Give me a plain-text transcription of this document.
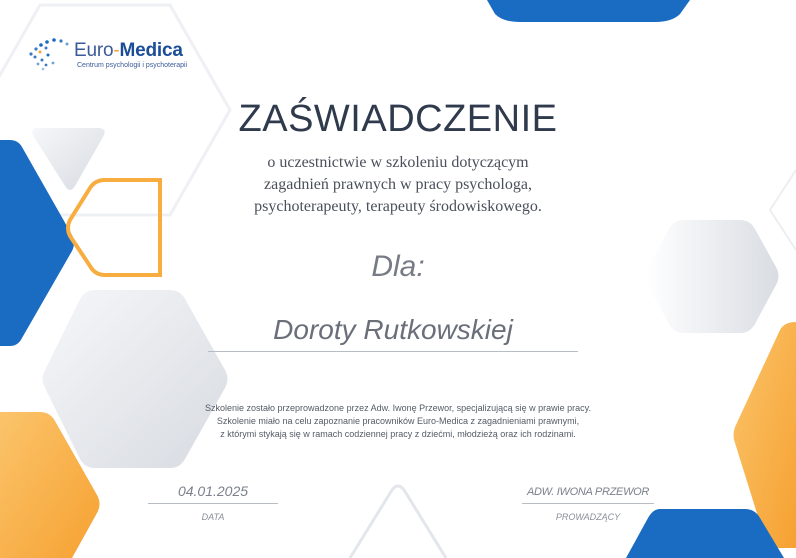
Euro-Medica
Centrum psychologii i psychoterapii
ZAŚWIADCZENIE
o uczestnictwie w szkoleniu dotyczącym
zagadnień prawnych w pracy psychologa,
psychoterapeuty, terapeuty środowiskowego.
Dla:
Doroty Rutkowskiej
Szkolenie zostało przeprowadzone przez Adw. Iwonę Przewor, specjalizującą się w prawie pracy.
Szkolenie miało na celu zapoznanie pracowników Euro-Medica z zagadnieniami prawnymi,
z którymi stykają się w ramach codziennej pracy z dziećmi, młodzieżą oraz ich rodzinami.
04.01.2025
DATA
ADW. IWONA PRZEWOR
PROWADZĄCY
